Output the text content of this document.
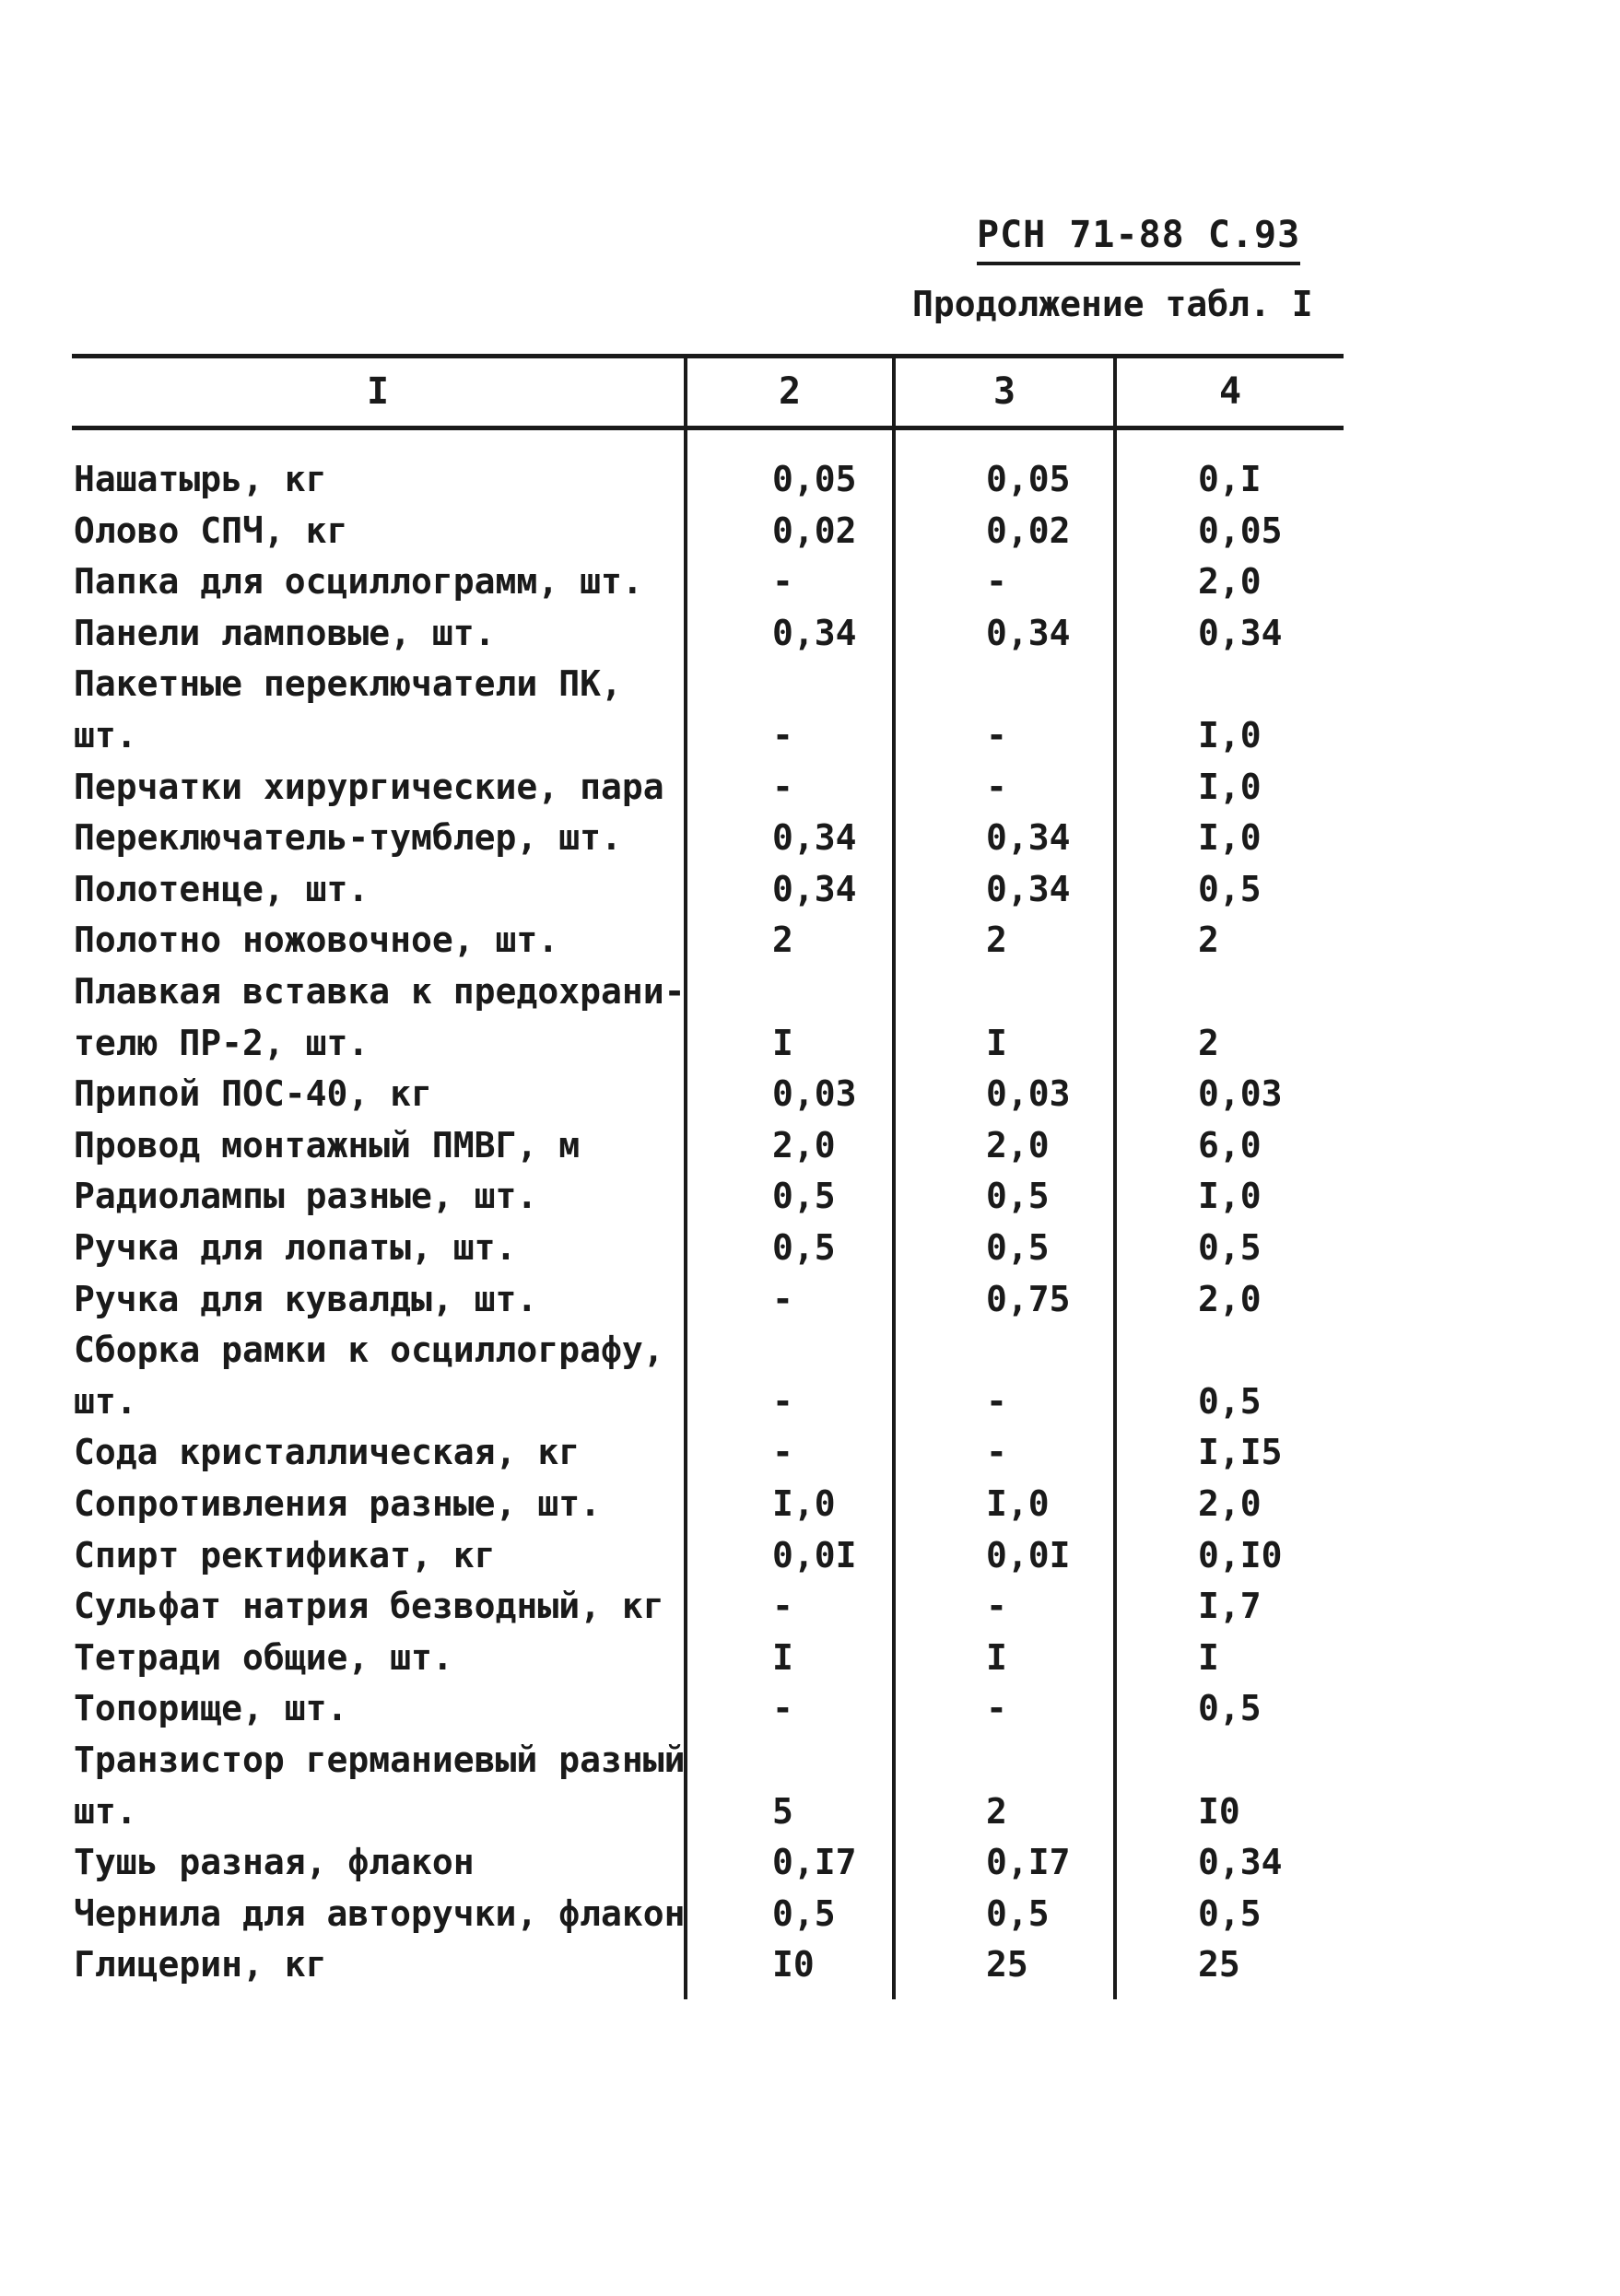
РСН 71-88 С.93
Продолжение табл. I
I	2	3	4
Нашатырь, кг	0,05	0,05	0,I
Олово СПЧ, кг	0,02	0,02	0,05
Папка для осциллограмм, шт.	-	-	2,0
Панели ламповые, шт.	0,34	0,34	0,34
Пакетные переключатели ПК,
шт.	-	-	I,0
Перчатки хирургические, пара	-	-	I,0
Переключатель-тумблер, шт.	0,34	0,34	I,0
Полотенце, шт.	0,34	0,34	0,5
Полотно ножовочное, шт.	2	2	2
Плавкая вставка к предохрани-
телю ПР-2, шт.	I	I	2
Припой ПОС-40, кг	0,03	0,03	0,03
Провод монтажный ПМВГ, м	2,0	2,0	6,0
Радиолампы разные, шт.	0,5	0,5	I,0
Ручка для лопаты, шт.	0,5	0,5	0,5
Ручка для кувалды, шт.	-	0,75	2,0
Сборка рамки к осциллографу,
шт.	-	-	0,5
Сода кристаллическая, кг	-	-	I,I5
Сопротивления разные, шт.	I,0	I,0	2,0
Спирт ректификат, кг	0,0I	0,0I	0,I0
Сульфат натрия безводный, кг	-	-	I,7
Тетради общие, шт.	I	I	I
Топорище, шт.	-	-	0,5
Транзистор германиевый разный
шт.	5	2	I0
Тушь разная, флакон	0,I7	0,I7	0,34
Чернила для авторучки, флакон 0,5	0,5	0,5
Глицерин, кг	I0	25	25
